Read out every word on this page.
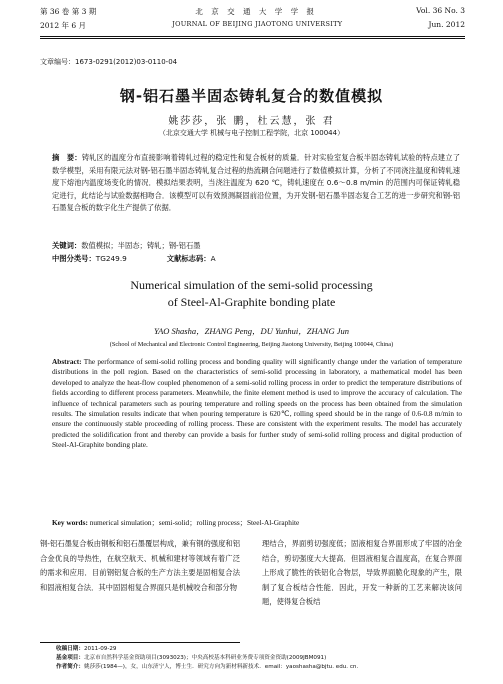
第 36 卷 第 3 期	北 京 交 通 大 学 学 报	Vol. 36 No. 3
2012 年 6 月	JOURNAL OF BEIJING JIAOTONG UNIVERSITY	Jun. 2012
文章编号：1673-0291(2012)03-0110-04
钢-铝石墨半固态铸轧复合的数值模拟
姚莎莎，张 鹏，杜云慧，张 君
（北京交通大学 机械与电子控制工程学院，北京 100044）
摘　要：铸轧区的温度分布直接影响着铸轧过程的稳定性和复合板材的质量．针对实验室复合板半固态铸轧试验的特点建立了数学模型，采用有限元法对钢-铝石墨半固态铸轧复合过程的热流耦合问题进行了数值模拟计算，分析了不同浇注温度和铸轧速度下熔池内温度场变化的情况．模拟结果表明，当浇注温度为 620 ℃，铸轧速度在 0.6～0.8 m/min 的范围内可保证铸轧稳定进行，此结论与试验数据相吻合．该模型可以有效预测凝固前沿位置，为开发钢-铝石墨半固态复合工艺的进一步研究和钢-铝石墨复合板的数字化生产提供了依据．
关键词：数值模拟；半固态；铸轧；钢-铝石墨
中图分类号：TG249.9	文献标志码：A
Numerical simulation of the semi-solid processing
of Steel-Al-Graphite bonding plate
YAO Shasha，ZHANG Peng，DU Yunhui，ZHANG Jun
(School of Mechanical and Electronic Control Engineering, Beijing Jiaotong University, Beijing 100044, China)
Abstract: The performance of semi-solid rolling process and bonding quality will significantly change under the variation of temperature distributions in the poll region. Based on the characteristics of semi-solid processing in laboratory, a mathematical model has been developed to analyze the heat-flow coupled phenomenon of a semi-solid rolling process in order to predict the temperature distributions of fields according to different process parameters. Meanwhile, the finite element method is used to improve the accuracy of calculation. The influence of technical parameters such as pouring temperature and rolling speeds on the process has been obtained from the simulation results. The simulation results indicate that when pouring temperature is 620℃, rolling speed should be in the range of 0.6-0.8 m/min to ensure the continuously stable proceeding of rolling process. These are consistent with the experiment results. The model has accurately predicted the solidification front and thereby can provide a basis for further study of semi-solid rolling process and digital production of Steel-Al-Graphite bonding plate.
Key words: numerical simulation；semi-solid；rolling process；Steel-Al-Graphite
钢-铝石墨复合板由钢板和铝石墨覆层构成，兼有钢的强度和铝合金优良的导热性，在航空航天、机械和建材等领域有着广泛的需求和应用．目前钢铝复合板的生产方法主要是固相复合法和固液相复合法．其中固固相复合界面只是机械咬合和部分物
理结合，界面剪切强度低；固液相复合界面形成了牢固的冶金结合，剪切强度大大提高．但固液相复合温度高，在复合界面上形成了脆性的铁铝化合物层，导致界面脆化现象的产生，限制了复合板结合性能．因此，开发一种新的工艺来解决该问题，使得复合板结
收稿日期：2011-09-29
基金项目：北京市自然科学基金资助项目(3093023)；中央高校基本科研业务费专项资金资助(2009JBM091)
作者简介：姚莎莎(1984—)，女，山东济宁人，博士生．研究方向为新材料新技术．email：yaoshasha@bjtu. edu. cn.
